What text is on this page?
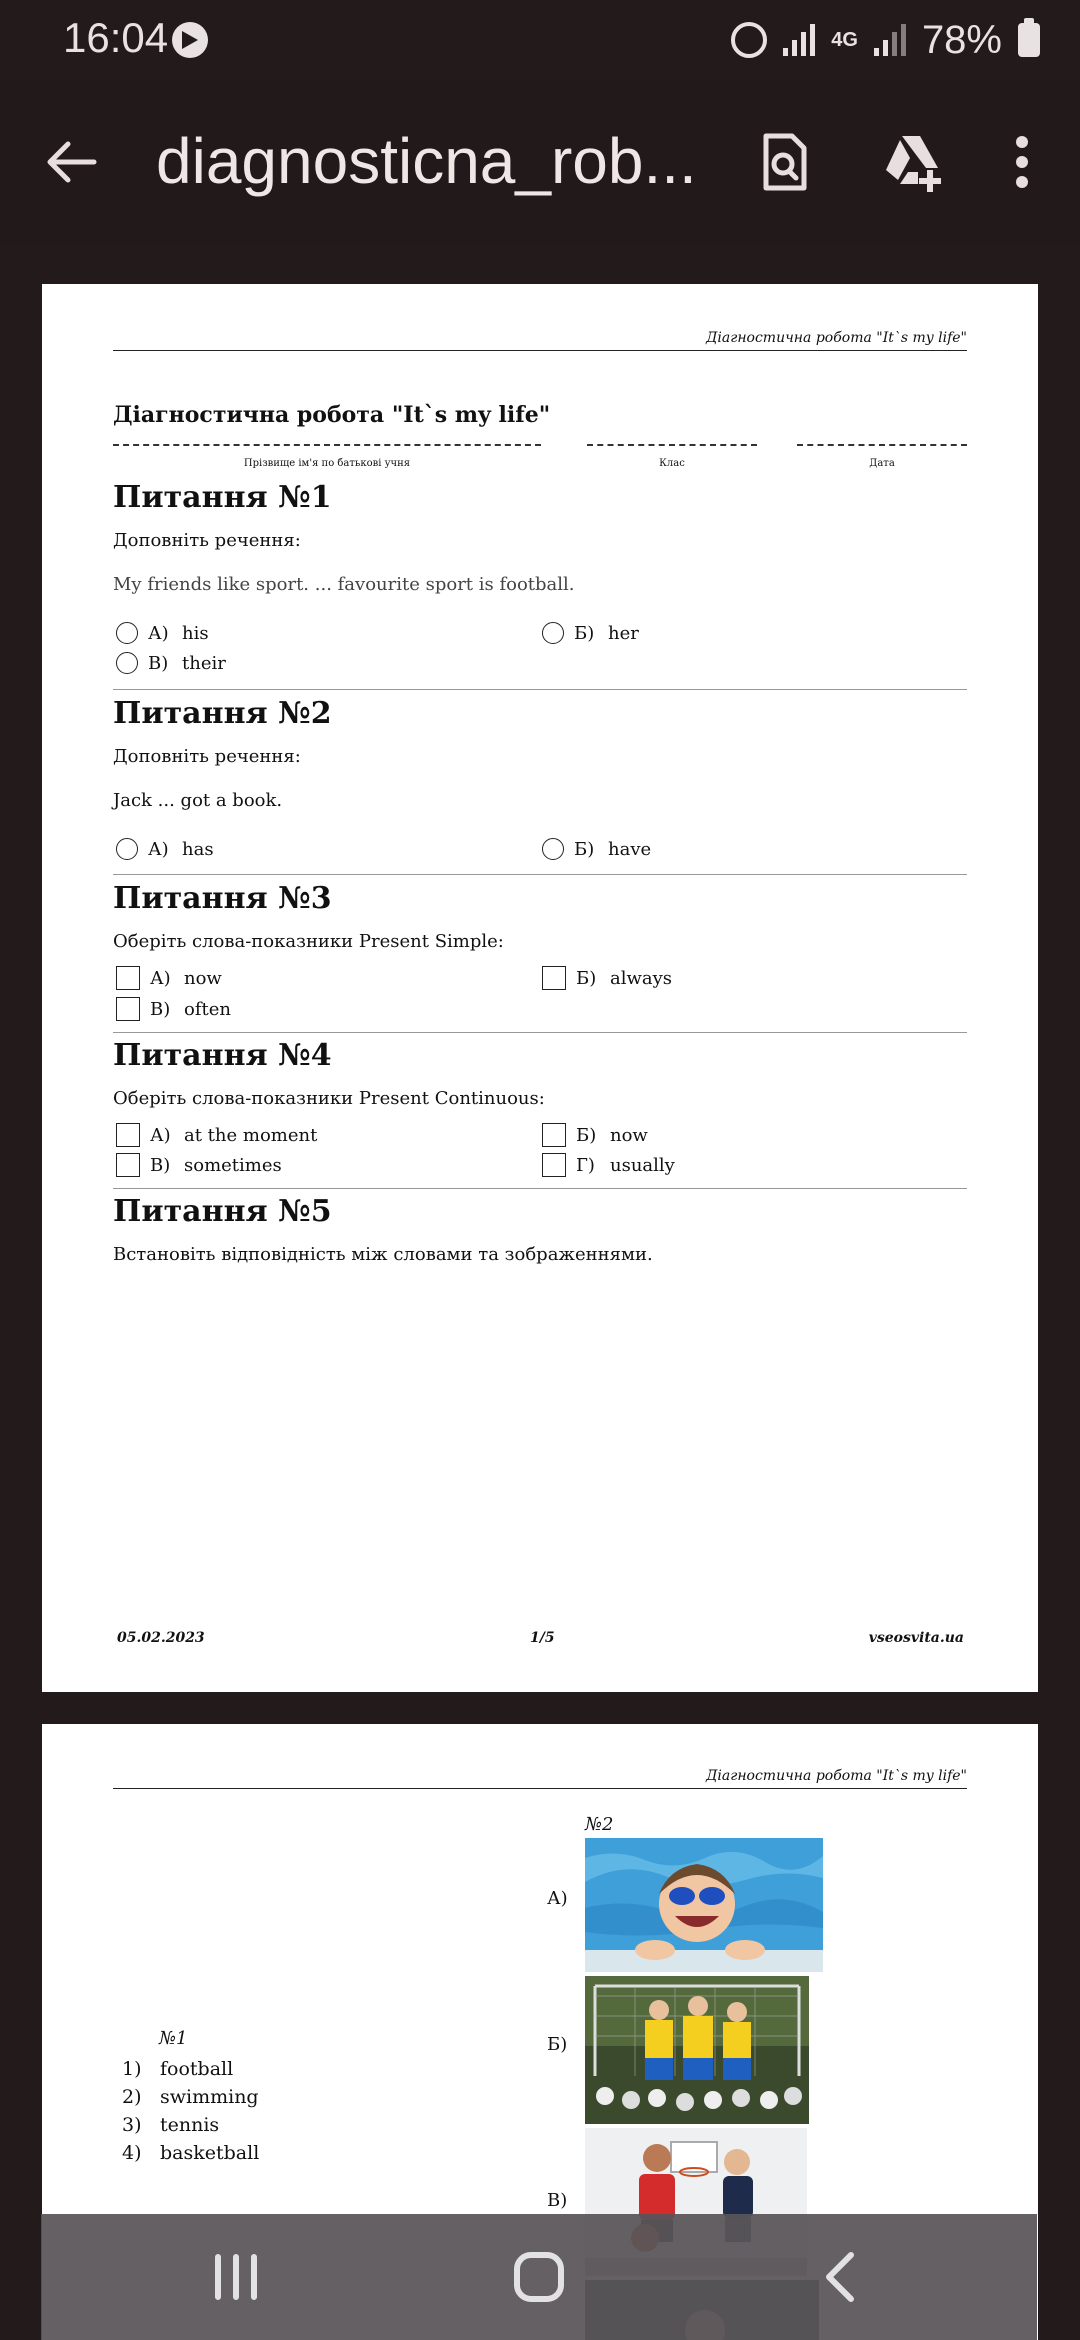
16:04	4G 78%
diagnosticna_rob...
Діагностична робота "It`s my life"
Діагностична робота "It`s my life"
Прізвище ім'я по батькові учня	Клас	Дата
Питання №1
Доповніть речення:
My friends like sport. ... favourite sport is football.
А) his	Б) her
В) their
Питання №2
Доповніть речення:
Jack ... got a book.
А) has	Б) have
Питання №3
Оберіть слова-показники Present Simple:
А) now	Б) always
В) often
Питання №4
Оберіть слова-показники Present Continuous:
А) at the moment	Б) now
В) sometimes	Г) usually
Питання №5
Встановіть відповідність між словами та зображеннями.
05.02.2023	1/5	vseosvita.ua
Діагностична робота "It`s my life"
№2
№1
1) football
2) swimming
3) tennis
4) basketball
А)
Б)
В)
